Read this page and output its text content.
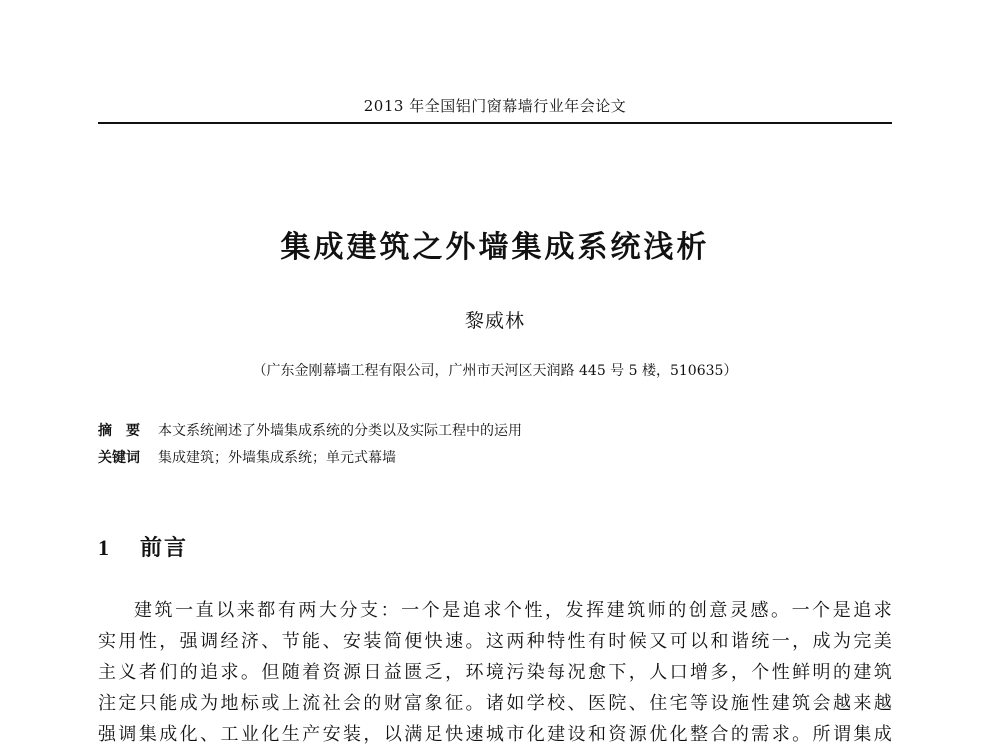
2013 年全国铝门窗幕墙行业年会论文
集成建筑之外墙集成系统浅析
黎威林
（广东金刚幕墙工程有限公司，广州市天河区天润路 445 号 5 楼，510635）
摘　要 本文系统阐述了外墙集成系统的分类以及实际工程中的运用
关键词 集成建筑；外墙集成系统；单元式幕墙
1 前言
建筑一直以来都有两大分支：一个是追求个性，发挥建筑师的创意灵感。一个是追求
实用性，强调经济、节能、安装简便快速。这两种特性有时候又可以和谐统一，成为完美
主义者们的追求。但随着资源日益匮乏，环境污染每况愈下，人口增多，个性鲜明的建筑
注定只能成为地标或上流社会的财富象征。诸如学校、医院、住宅等设施性建筑会越来越
强调集成化、工业化生产安装，以满足快速城市化建设和资源优化整合的需求。所谓集成
